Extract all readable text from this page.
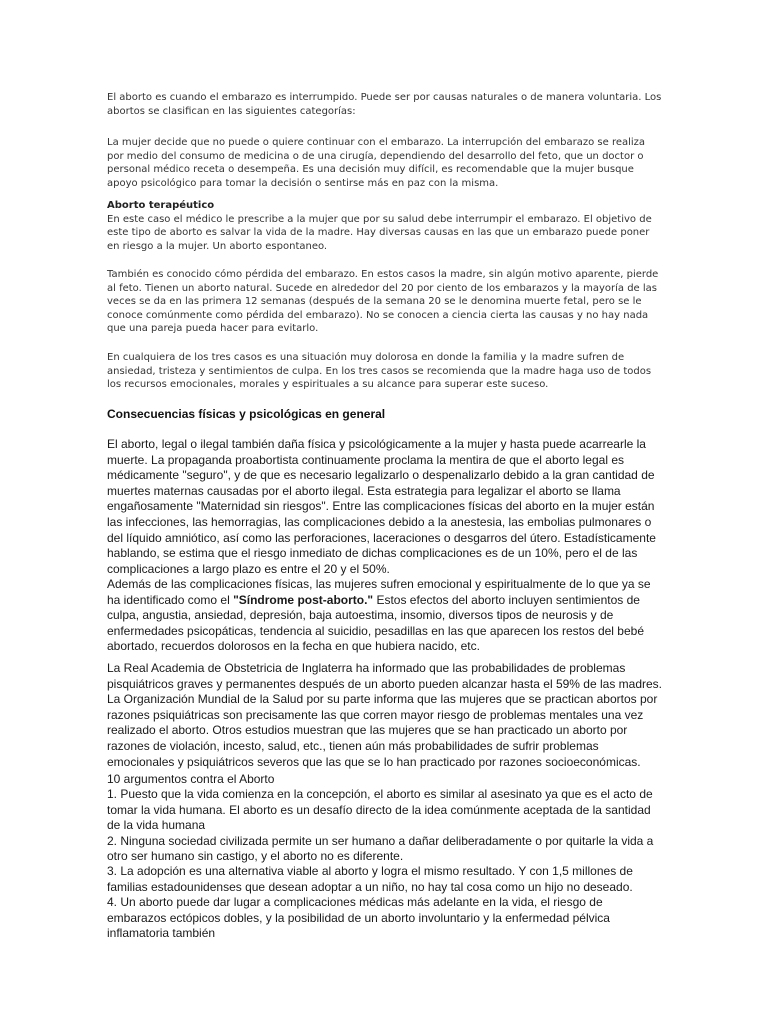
El aborto es cuando el embarazo es interrumpido. Puede ser por causas naturales o de manera voluntaria. Los abortos se clasifican en las siguientes categorías:

La mujer decide que no puede o quiere continuar con el embarazo. La interrupción del embarazo se realiza por medio del consumo de medicina o de una cirugía, dependiendo del desarrollo del feto, que un doctor o personal médico receta o desempeña. Es una decisión muy difícil, es recomendable que la mujer busque apoyo psicológico para tomar la decisión o sentirse más en paz con la misma.

Aborto terapéutico

En este caso el médico le prescribe a la mujer que por su salud debe interrumpir el embarazo. El objetivo de este tipo de aborto es salvar la vida de la madre. Hay diversas causas en las que un embarazo puede poner en riesgo a la mujer. Un aborto espontaneo.

También es conocido cómo pérdida del embarazo. En estos casos la madre, sin algún motivo aparente, pierde al feto. Tienen un aborto natural. Sucede en alrededor del 20 por ciento de los embarazos y la mayoría de las veces se da en las primera 12 semanas (después de la semana 20 se le denomina muerte fetal, pero se le conoce comúnmente como pérdida del embarazo). No se conocen a ciencia cierta las causas y no hay nada que una pareja pueda hacer para evitarlo.

En cualquiera de los tres casos es una situación muy dolorosa en donde la familia y la madre sufren de ansiedad, tristeza y sentimientos de culpa. En los tres casos se recomienda que la madre haga uso de todos los recursos emocionales, morales y espirituales a su alcance para superar este suceso.

Consecuencias físicas y psicológicas en general

El aborto, legal o ilegal también daña física y psicológicamente a la mujer y hasta puede acarrearle la muerte. La propaganda proabortista continuamente proclama la mentira de que el aborto legal es médicamente "seguro", y de que es necesario legalizarlo o despenalizarlo debido a la gran cantidad de muertes maternas causadas por el aborto ilegal. Esta estrategia para legalizar el aborto se llama engañosamente "Maternidad sin riesgos". Entre las complicaciones físicas del aborto en la mujer están las infecciones, las hemorragias, las complicaciones debido a la anestesia, las embolias pulmonares o del líquido amniótico, así como las perforaciones, laceraciones o desgarros del útero. Estadísticamente hablando, se estima que el riesgo inmediato de dichas complicaciones es de un 10%, pero el de las complicaciones a largo plazo es entre el 20 y el 50%.

Además de las complicaciones físicas, las mujeres sufren emocional y espiritualmente de lo que ya se ha identificado como el "Síndrome post-aborto." Estos efectos del aborto incluyen sentimientos de culpa, angustia, ansiedad, depresión, baja autoestima, insomio, diversos tipos de neurosis y de enfermedades psicopáticas, tendencia al suicidio, pesadillas en las que aparecen los restos del bebé abortado, recuerdos dolorosos en la fecha en que hubiera nacido, etc.

La Real Academia de Obstetricia de Inglaterra ha informado que las probabilidades de problemas pisquiátricos graves y permanentes después de un aborto pueden alcanzar hasta el 59% de las madres. La Organización Mundial de la Salud por su parte informa que las mujeres que se practican abortos por razones psiquiátricas son precisamente las que corren mayor riesgo de problemas mentales una vez realizado el aborto. Otros estudios muestran que las mujeres que se han practicado un aborto por razones de violación, incesto, salud, etc., tienen aún más probabilidades de sufrir problemas emocionales y psiquiátricos severos que las que se lo han practicado por razones socioeconómicas.

10 argumentos contra el Aborto

1. Puesto que la vida comienza en la concepción, el aborto es similar al asesinato ya que es el acto de tomar la vida humana. El aborto es un desafío directo de la idea comúnmente aceptada de la santidad de la vida humana

2. Ninguna sociedad civilizada permite un ser humano a dañar deliberadamente o por quitarle la vida a otro ser humano sin castigo, y el aborto no es diferente.

3. La adopción es una alternativa viable al aborto y logra el mismo resultado. Y con 1,5 millones de familias estadounidenses que desean adoptar a un niño, no hay tal cosa como un hijo no deseado.

4. Un aborto puede dar lugar a complicaciones médicas más adelante en la vida, el riesgo de embarazos ectópicos dobles, y la posibilidad de un aborto involuntario y la enfermedad pélvica inflamatoria también
